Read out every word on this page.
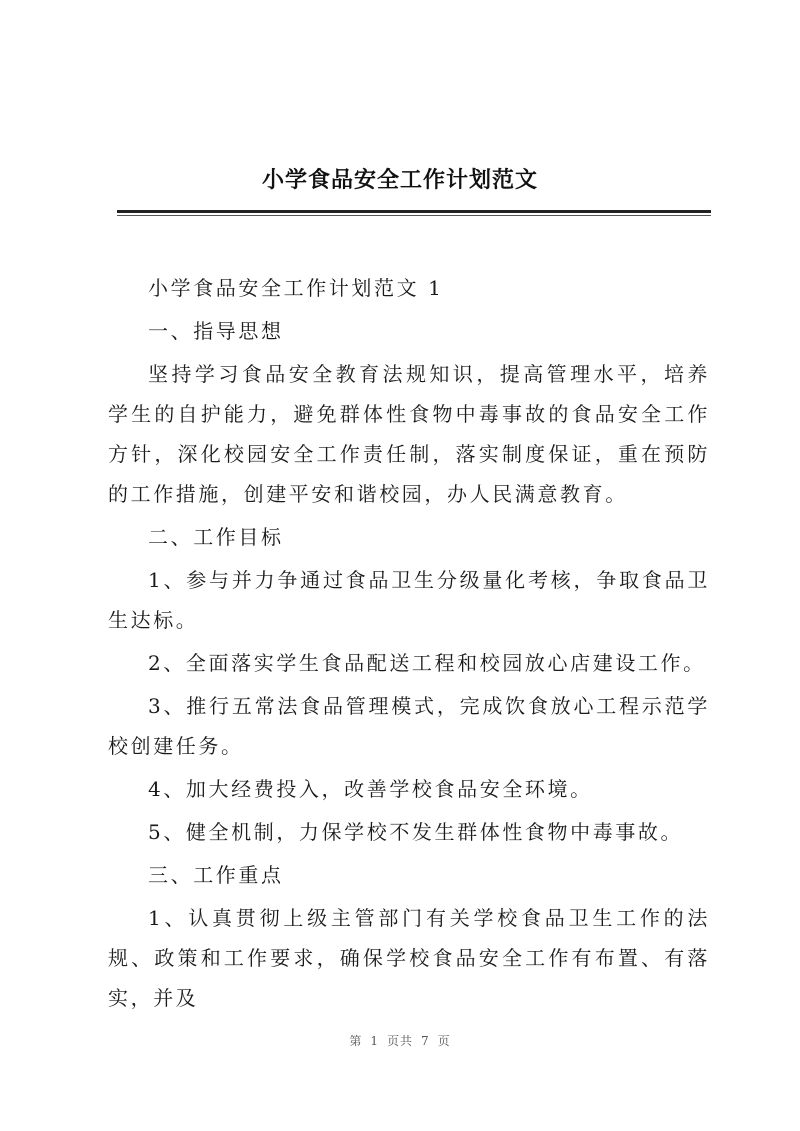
小学食品安全工作计划范文

小学食品安全工作计划范文 1

一、指导思想

坚持学习食品安全教育法规知识，提高管理水平，培养学生的自护能力，避免群体性食物中毒事故的食品安全工作方针，深化校园安全工作责任制，落实制度保证，重在预防的工作措施，创建平安和谐校园，办人民满意教育。

二、工作目标

1、参与并力争通过食品卫生分级量化考核，争取食品卫生达标。

2、全面落实学生食品配送工程和校园放心店建设工作。

3、推行五常法食品管理模式，完成饮食放心工程示范学校创建任务。

4、加大经费投入，改善学校食品安全环境。

5、健全机制，力保学校不发生群体性食物中毒事故。

三、工作重点

1、认真贯彻上级主管部门有关学校食品卫生工作的法规、政策和工作要求，确保学校食品安全工作有布置、有落实，并及

第 1 页共 7 页
